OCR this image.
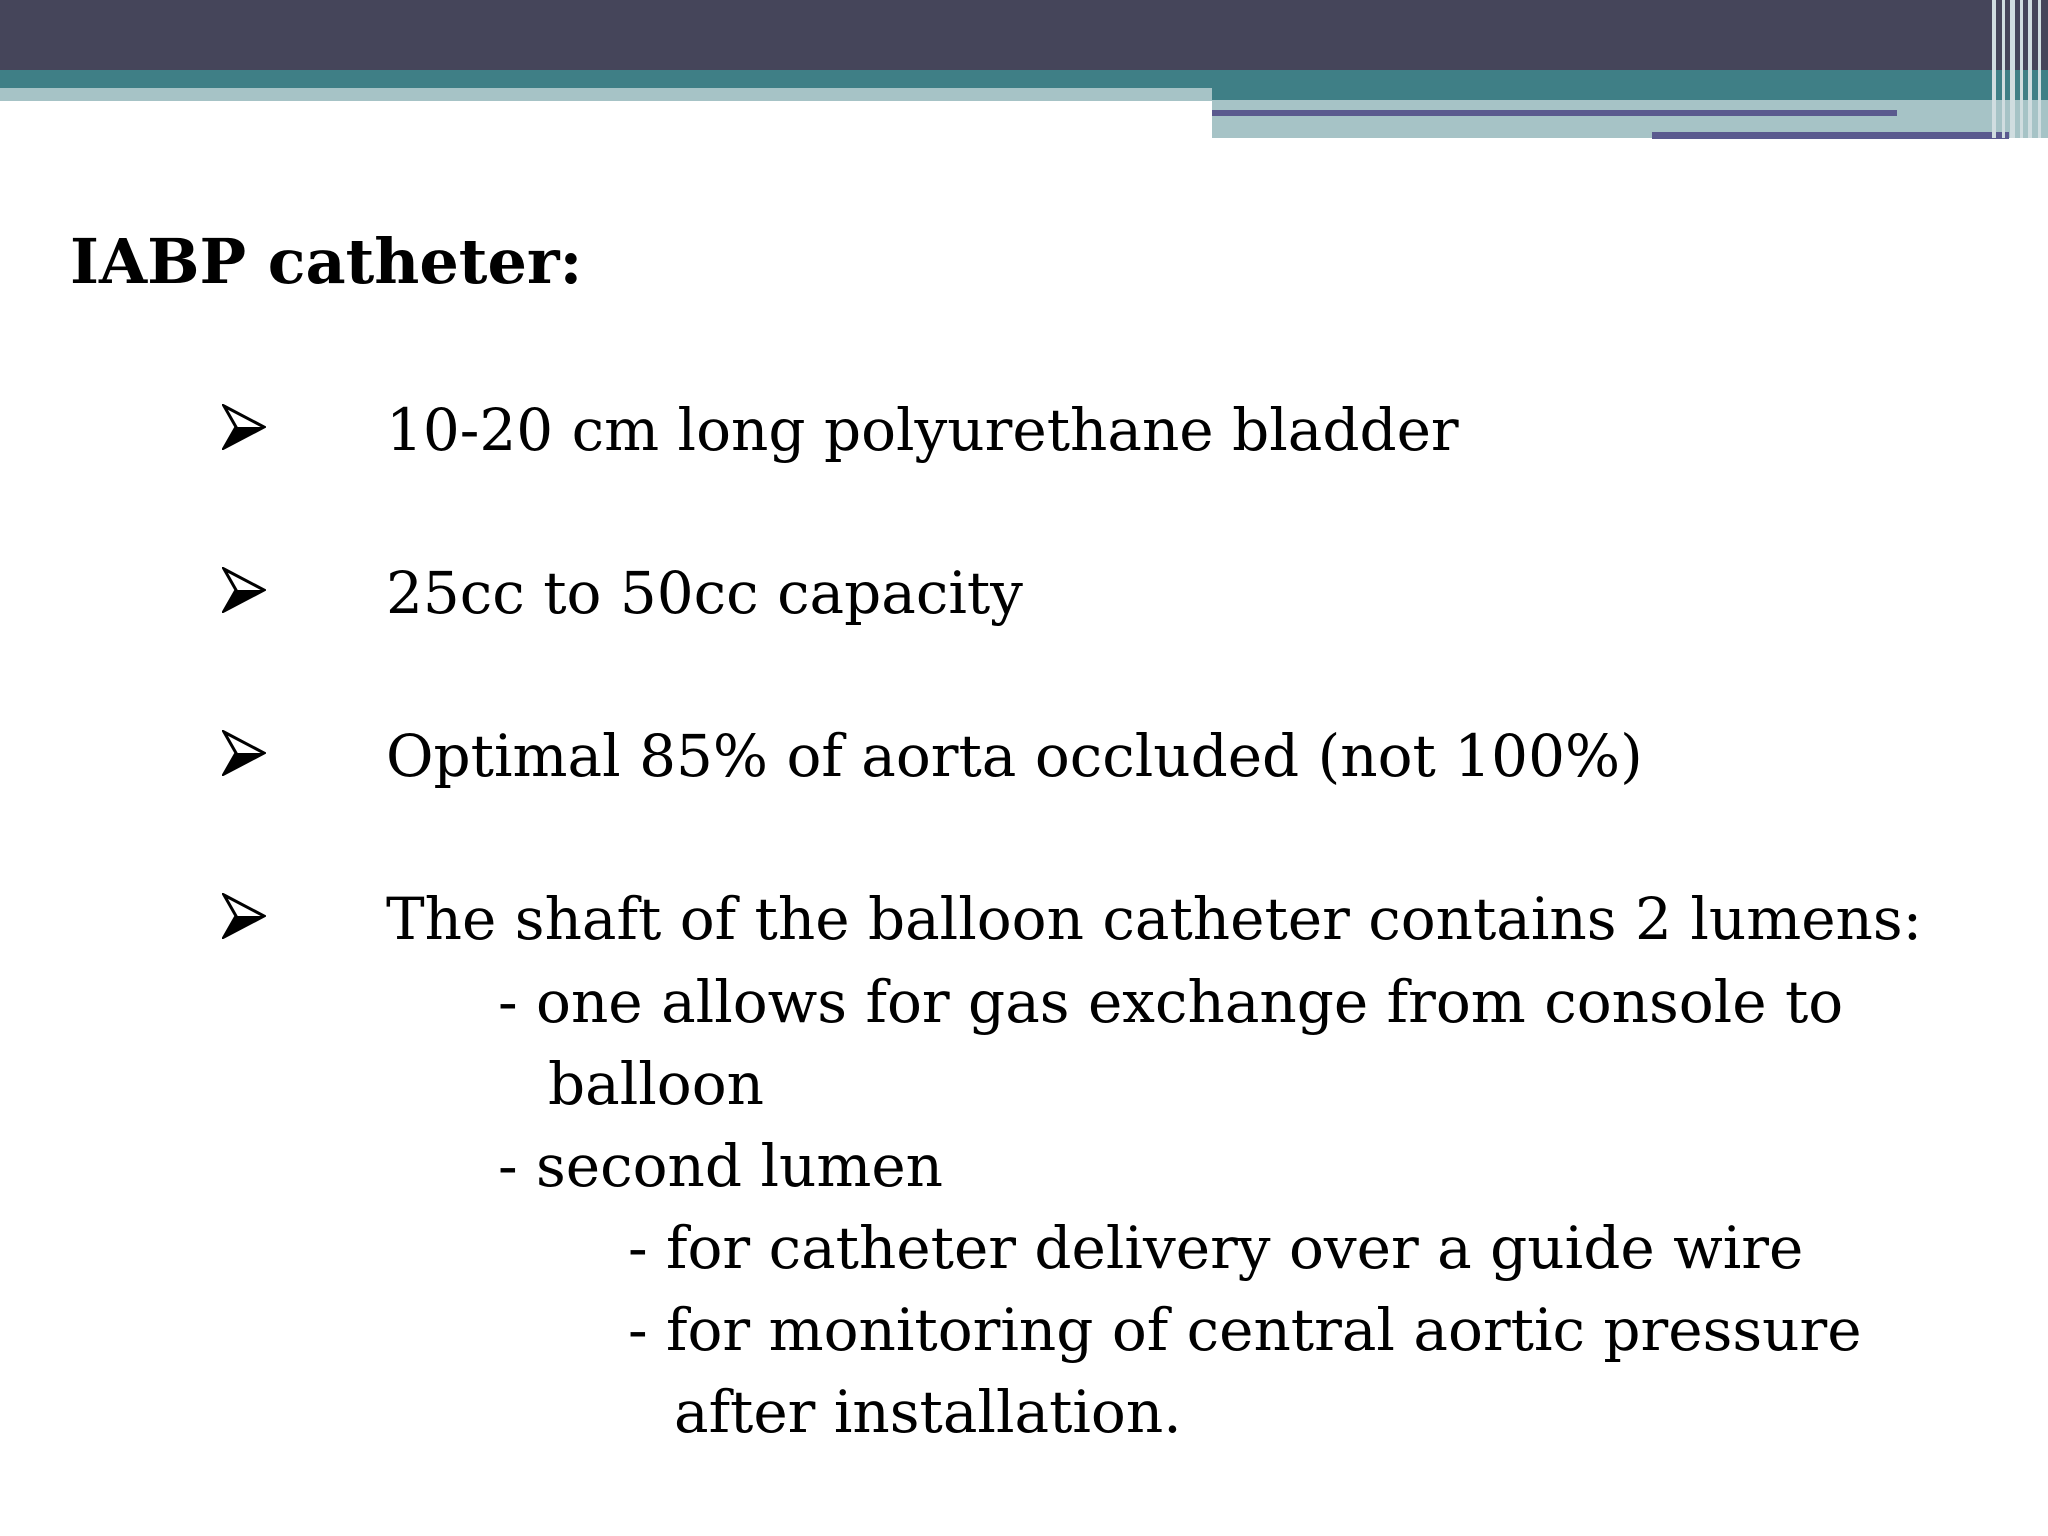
IABP catheter:
10-20 cm long polyurethane bladder
25cc to 50cc capacity
Optimal 85% of aorta occluded (not 100%)
The shaft of the balloon catheter contains 2 lumens:
- one allows for gas exchange from console to
balloon
- second lumen
- for catheter delivery over a guide wire
- for monitoring of central aortic pressure
after installation.
